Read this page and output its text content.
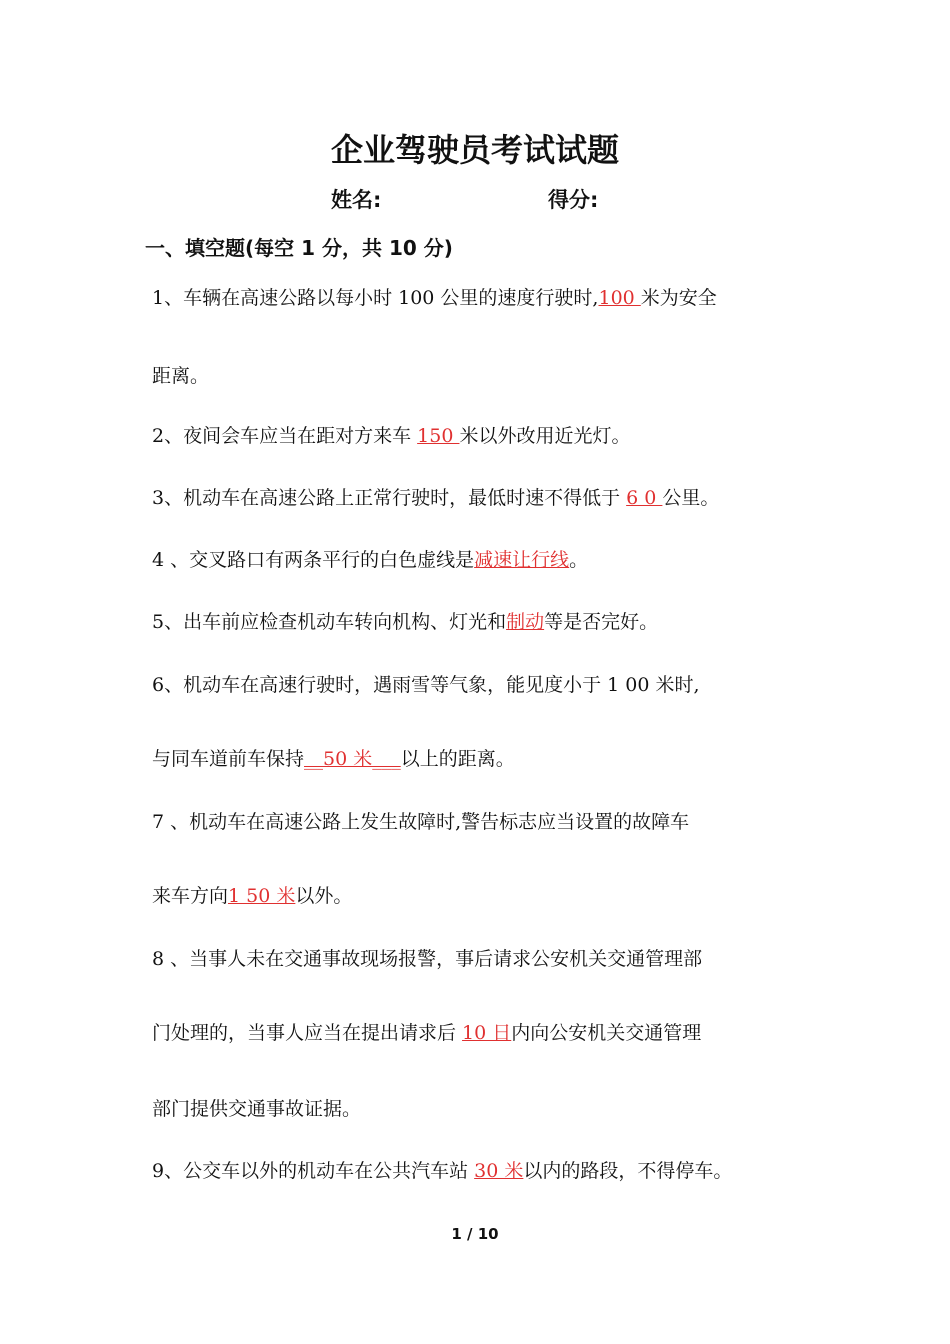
企业驾驶员考试试题
姓名:	得分:
一、填空题(每空 1 分，共 10 分)
1、车辆在高速公路以每小时 100 公里的速度行驶时,100 米为安全
距离。
2、夜间会车应当在距对方来车 150 米以外改用近光灯。
3、机动车在高速公路上正常行驶时，最低时速不得低于 6 0 公里。
4 、交叉路口有两条平行的白色虚线是减速让行线。
5、出车前应检查机动车转向机构、灯光和制动等是否完好。
6、机动车在高速行驶时，遇雨雪等气象，能见度小于 1 00 米时,
与同车道前车保持__50 米___以上的距离。
7 、机动车在高速公路上发生故障时,警告标志应当设置的故障车
来车方向1 50 米以外。
8 、当事人未在交通事故现场报警，事后请求公安机关交通管理部
门处理的，当事人应当在提出请求后 10 日内向公安机关交通管理
部门提供交通事故证据。
9、公交车以外的机动车在公共汽车站 30 米以内的路段，不得停车。
1 / 10
